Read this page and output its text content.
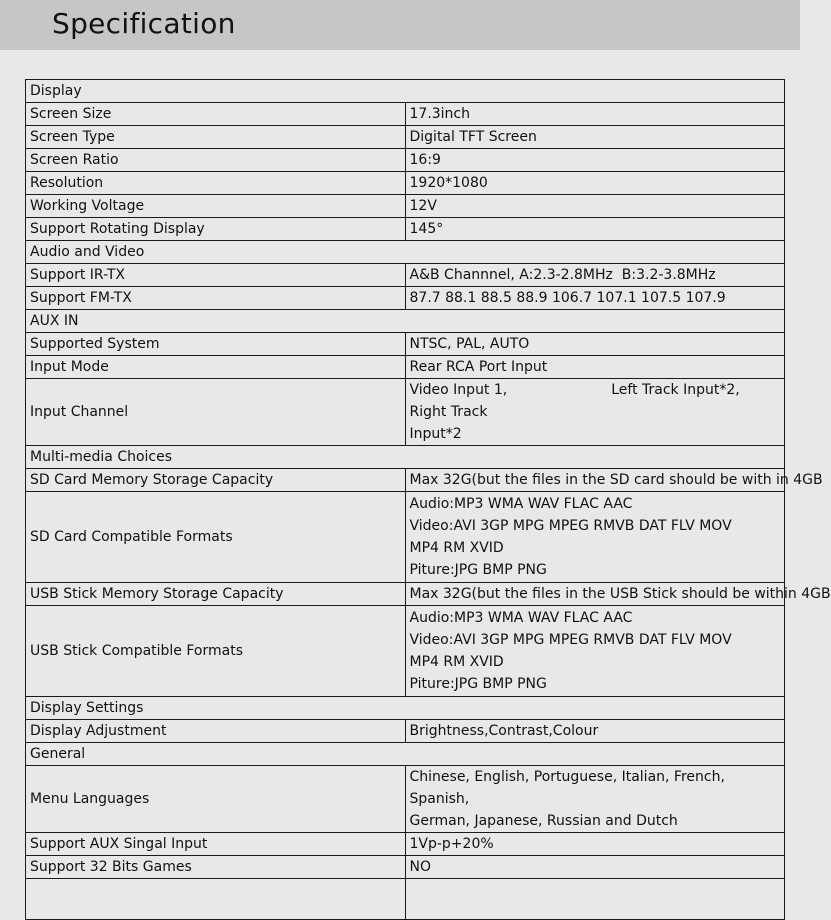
Specification
Display	
Screen Size	17.3inch
Screen Type	Digital TFT Screen
Screen Ratio	16:9
Resolution	1920*1080
Working Voltage	12V
Support Rotating Display	145°
Audio and Video	
Support IR-TX	A&B Channnel, A:2.3-2.8MHz  B:3.2-3.8MHz
Support FM-TX	87.7 88.1 88.5 88.9 106.7 107.1 107.5 107.9
AUX IN	
Supported System	NTSC, PAL, AUTO
Input Mode	Rear RCA Port Input
Input Channel	Video Input 1, Left Track Input*2, Right Track
Input*2

Multi-media Choices	
SD Card Memory Storage Capacity	Max 32G(but the files in the SD card should be with in 4GB
SD Card Compatible Formats	Audio:MP3 WMA WAV FLAC AAC
Video:AVI 3GP MPG MPEG RMVB DAT FLV MOV
MP4 RM XVID
Piture:JPG BMP PNG

USB Stick Memory Storage Capacity	Max 32G(but the files in the USB Stick should be within 4GB
USB Stick Compatible Formats	Audio:MP3 WMA WAV FLAC AAC
Video:AVI 3GP MPG MPEG RMVB DAT FLV MOV
MP4 RM XVID
Piture:JPG BMP PNG

Display Settings	
Display Adjustment	Brightness,Contrast,Colour
General	
Menu Languages	Chinese, English, Portuguese, Italian, French, Spanish,
German, Japanese, Russian and Dutch

Support AUX Singal Input	1Vp-p+20%
Support 32 Bits Games	NO
